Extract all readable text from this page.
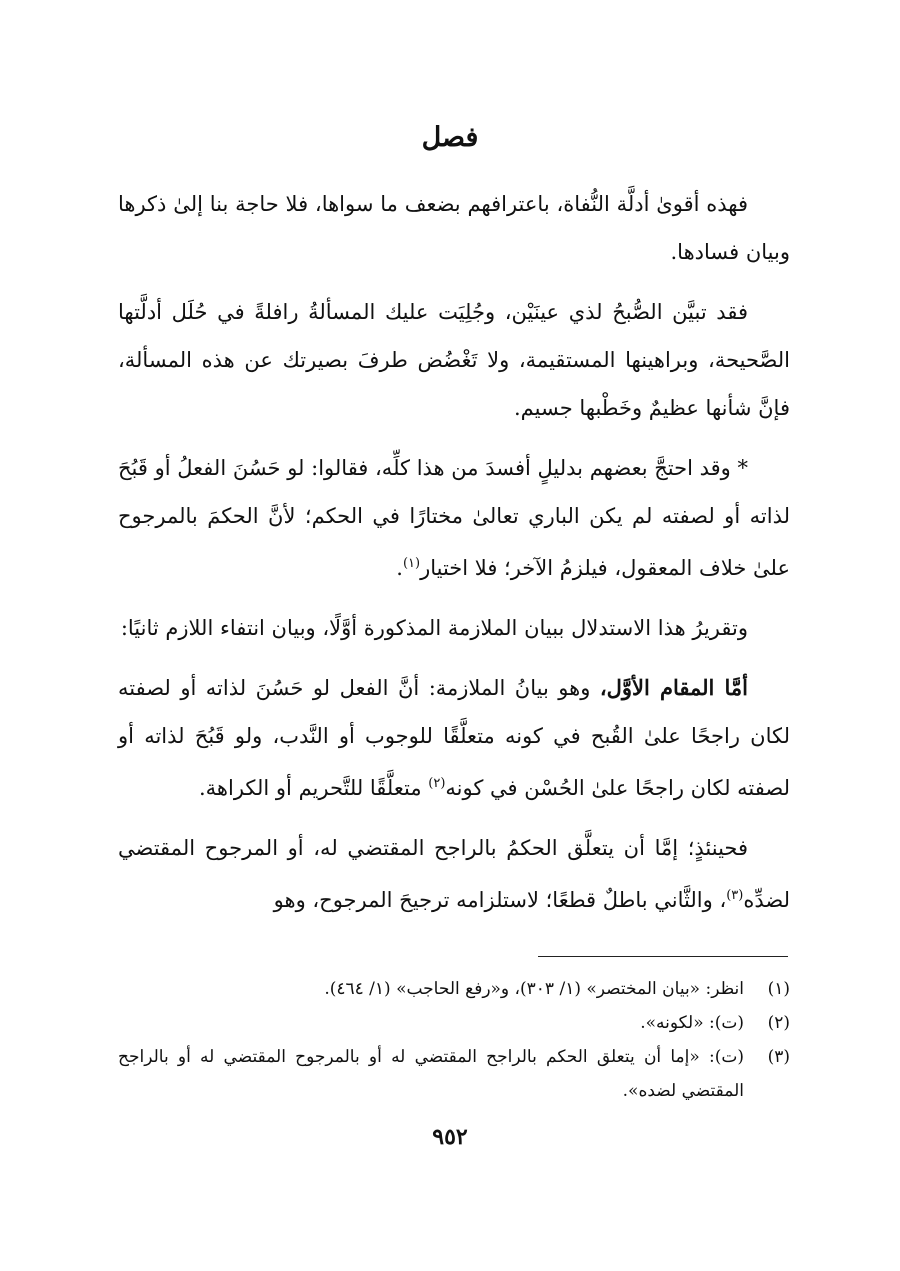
فصل

فهذه أقوىٰ أدلَّة النُّفاة، باعترافهم بضعف ما سواها، فلا حاجة بنا إلىٰ ذكرها وبيان فسادها.

فقد تبيَّن الصُّبحُ لذي عينَيْن، وجُلِيَت عليك المسألةُ رافلةً في حُلَل أدلَّتها الصَّحيحة، وبراهينها المستقيمة، ولا تَغْضُض طرفَ بصيرتك عن هذه المسألة، فإنَّ شأنها عظيمٌ وخَطْبها جسيم.

* وقد احتجَّ بعضهم بدليلٍ أفسدَ من هذا كلِّه، فقالوا: لو حَسُنَ الفعلُ أو قَبُحَ لذاته أو لصفته لم يكن الباري تعالىٰ مختارًا في الحكم؛ لأنَّ الحكمَ بالمرجوح علىٰ خلاف المعقول، فيلزمُ الآخر؛ فلا اختيار$^{(١)}$.

وتقريرُ هذا الاستدلال ببيان الملازمة المذكورة أوَّلًا، وبيان انتفاء اللازم ثانيًا:

أمَّا المقام الأوَّل، وهو بيانُ الملازمة: أنَّ الفعل لو حَسُنَ لذاته أو لصفته لكان راجحًا علىٰ القُبح في كونه متعلَّقًا للوجوب أو النَّدب، ولو قَبُحَ لذاته أو لصفته لكان راجحًا علىٰ الحُسْن في كونه$^{(٢)}$ متعلَّقًا للتَّحريم أو الكراهة.

فحينئذٍ؛ إمَّا أن يتعلَّق الحكمُ بالراجح المقتضي له، أو المرجوح المقتضي لضدِّه$^{(٣)}$، والثَّاني باطلٌ قطعًا؛ لاستلزامه ترجيحَ المرجوح، وهو

(١)
انظر: «بيان المختصر» (١/ ٣٠٣)، و«رفع الحاجب» (١/ ٤٦٤).
(٢)
(ت): «لكونه».
(٣)
(ت): «إما أن يتعلق الحكم بالراجح المقتضي له أو بالمرجوح المقتضي له أو بالراجح المقتضي لضده».
٩٥٢
